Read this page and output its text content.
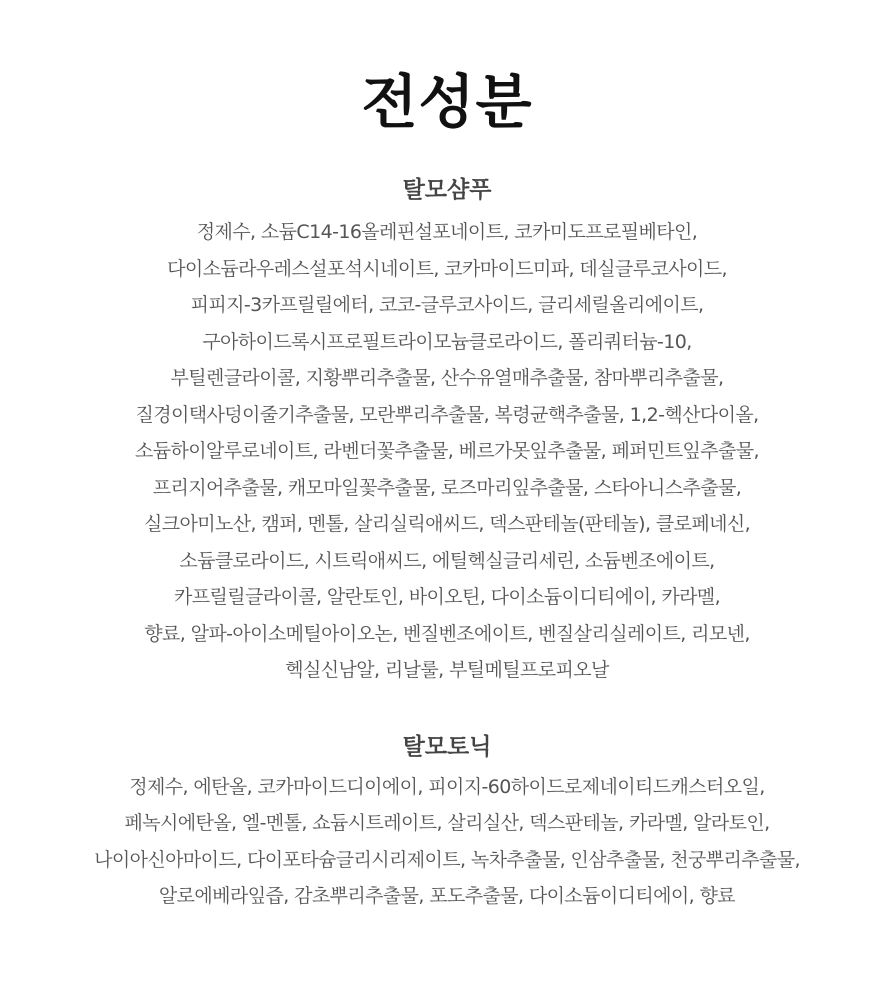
전성분
탈모샴푸
정제수, 소듐C14-16올레핀설포네이트, 코카미도프로필베타인,
다이소듐라우레스설포석시네이트, 코카마이드미파, 데실글루코사이드,
피피지-3카프릴릴에터, 코코-글루코사이드, 글리세릴올리에이트,
구아하이드록시프로필트라이모늄클로라이드, 폴리쿼터늄-10,
부틸렌글라이콜, 지황뿌리추출물, 산수유열매추출물, 참마뿌리추출물,
질경이택사덩이줄기추출물, 모란뿌리추출물, 복령균핵추출물, 1,2-헥산다이올,
소듐하이알루로네이트, 라벤더꽃추출물, 베르가못잎추출물, 페퍼민트잎추출물,
프리지어추출물, 캐모마일꽃추출물, 로즈마리잎추출물, 스타아니스추출물,
실크아미노산, 캠퍼, 멘톨, 살리실릭애씨드, 덱스판테놀(판테놀), 클로페네신,
소듐클로라이드, 시트릭애씨드, 에틸헥실글리세린, 소듐벤조에이트,
카프릴릴글라이콜, 알란토인, 바이오틴, 다이소듐이디티에이, 카라멜,
향료, 알파-아이소메틸아이오논, 벤질벤조에이트, 벤질살리실레이트, 리모넨,
헥실신남알, 리날룰, 부틸메틸프로피오날
탈모토닉
정제수, 에탄올, 코카마이드디이에이, 피이지-60하이드로제네이티드캐스터오일,
페녹시에탄올, 엘-멘톨, 쇼듐시트레이트, 살리실산, 덱스판테놀, 카라멜, 알라토인,
나이아신아마이드, 다이포타슘글리시리제이트, 녹차추출물, 인삼추출물, 천궁뿌리추출물,
알로에베라잎즙, 감초뿌리추출물, 포도추출물, 다이소듐이디티에이, 향료
